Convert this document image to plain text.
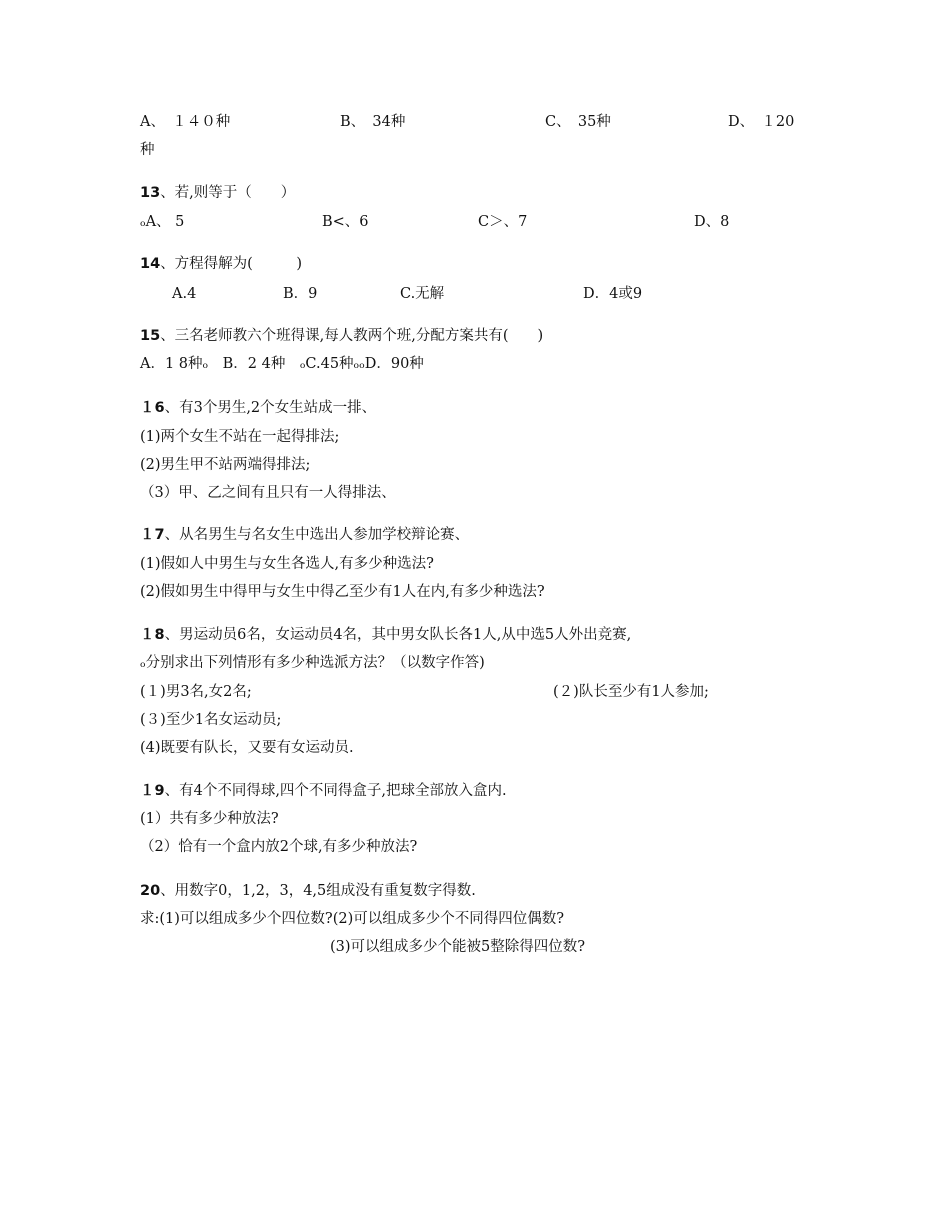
A、　１４０种	B、　34种	C、　35种	D、　１20
种
13、若,则等于（　　）
ₒA、 5	B<、6	C＞、7	D、8
14、方程得解为(　　　)
A.4	B．9	C.无解	D．4或9
15、三名老师教六个班得课,每人教两个班,分配方案共有(　　)
A．1 8种ₒ　B．2 4种　ₒC.45种ₒₒD．90种
１6、有3个男生,2个女生站成一排、
(1)两个女生不站在一起得排法;
(2)男生甲不站两端得排法;
（3）甲、乙之间有且只有一人得排法、
１7、从名男生与名女生中选出人参加学校辩论赛、
(1)假如人中男生与女生各选人,有多少种选法?
(2)假如男生中得甲与女生中得乙至少有1人在内,有多少种选法?
１8、男运动员6名，女运动员4名，其中男女队长各1人,从中选5人外出竞赛,
ₒ分别求出下列情形有多少种选派方法？（以数字作答)
(１)男3名,女2名;	(２)队长至少有1人参加;
(３)至少1名女运动员;
(4)既要有队长，又要有女运动员.
１9、有4个不同得球,四个不同得盒子,把球全部放入盒内.
(1）共有多少种放法?
（2）恰有一个盒内放2个球,有多少种放法?
20、用数字0，1,2，3，4,5组成没有重复数字得数.
求:(1)可以组成多少个四位数?(2)可以组成多少个不同得四位偶数?
(3)可以组成多少个能被5整除得四位数?
